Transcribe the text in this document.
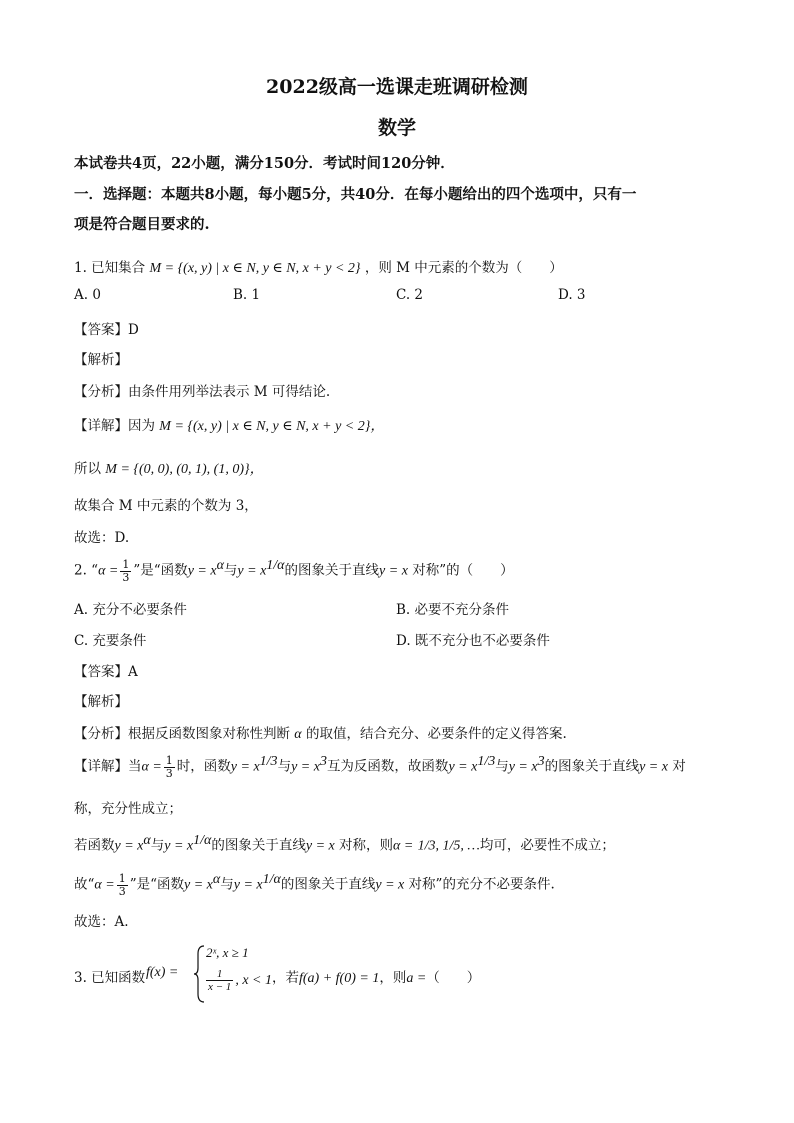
2022级高一选课走班调研检测
数学
本试卷共4页，22小题，满分150分．考试时间120分钟．
一．选择题：本题共8小题，每小题5分，共40分．在每小题给出的四个选项中，只有一
项是符合题目要求的.
1. 已知集合 M = {(x, y) | x ∈ N, y ∈ N, x + y < 2} ，则 M 中元素的个数为（　　）
A. 0	B. 1	C. 2	D. 3
【答案】D
【解析】
【分析】由条件用列举法表示 M 可得结论.
【详解】因为 M = {(x, y) | x ∈ N, y ∈ N, x + y < 2}，
所以 M = {(0, 0), (0, 1), (1, 0)}，
故集合 M 中元素的个数为 3，
故选：D.
2. “$\alpha = \frac{1}{3}$ ”是“函数$y = x^\alpha$与$y = x^{1/\alpha}$的图象关于直线y = x 对称”的（　　）
A. 充分不必要条件	B. 必要不充分条件
C. 充要条件	D. 既不充分也不必要条件
【答案】A
【解析】
【分析】根据反函数图象对称性判断 α 的取值，结合充分、必要条件的定义得答案.
【详解】当$\alpha = \frac{1}{3}$ 时，函数$y = x^{1/3}$与$y = x^3$互为反函数，故函数$y = x^{1/3}$与$y = x^3$的图象关于直线y = x 对
称，充分性成立；
若函数$y = x^\alpha$与$y = x^{1/\alpha}$的图象关于直线y = x 对称，则α = 1/3, 1/5, …均可，必要性不成立；
故“$\alpha = \frac{1}{3}$ ”是“函数$y = x^\alpha$与$y = x^{1/\alpha}$的图象关于直线y = x 对称”的充分不必要条件.
故选：A.
3. 已知函数 f(x) =
2ˣ, x ≥ 1
$\frac{1}{x - 1}$ , x < 1 ，若f(a) + f(0) = 1，则a =（　　）
